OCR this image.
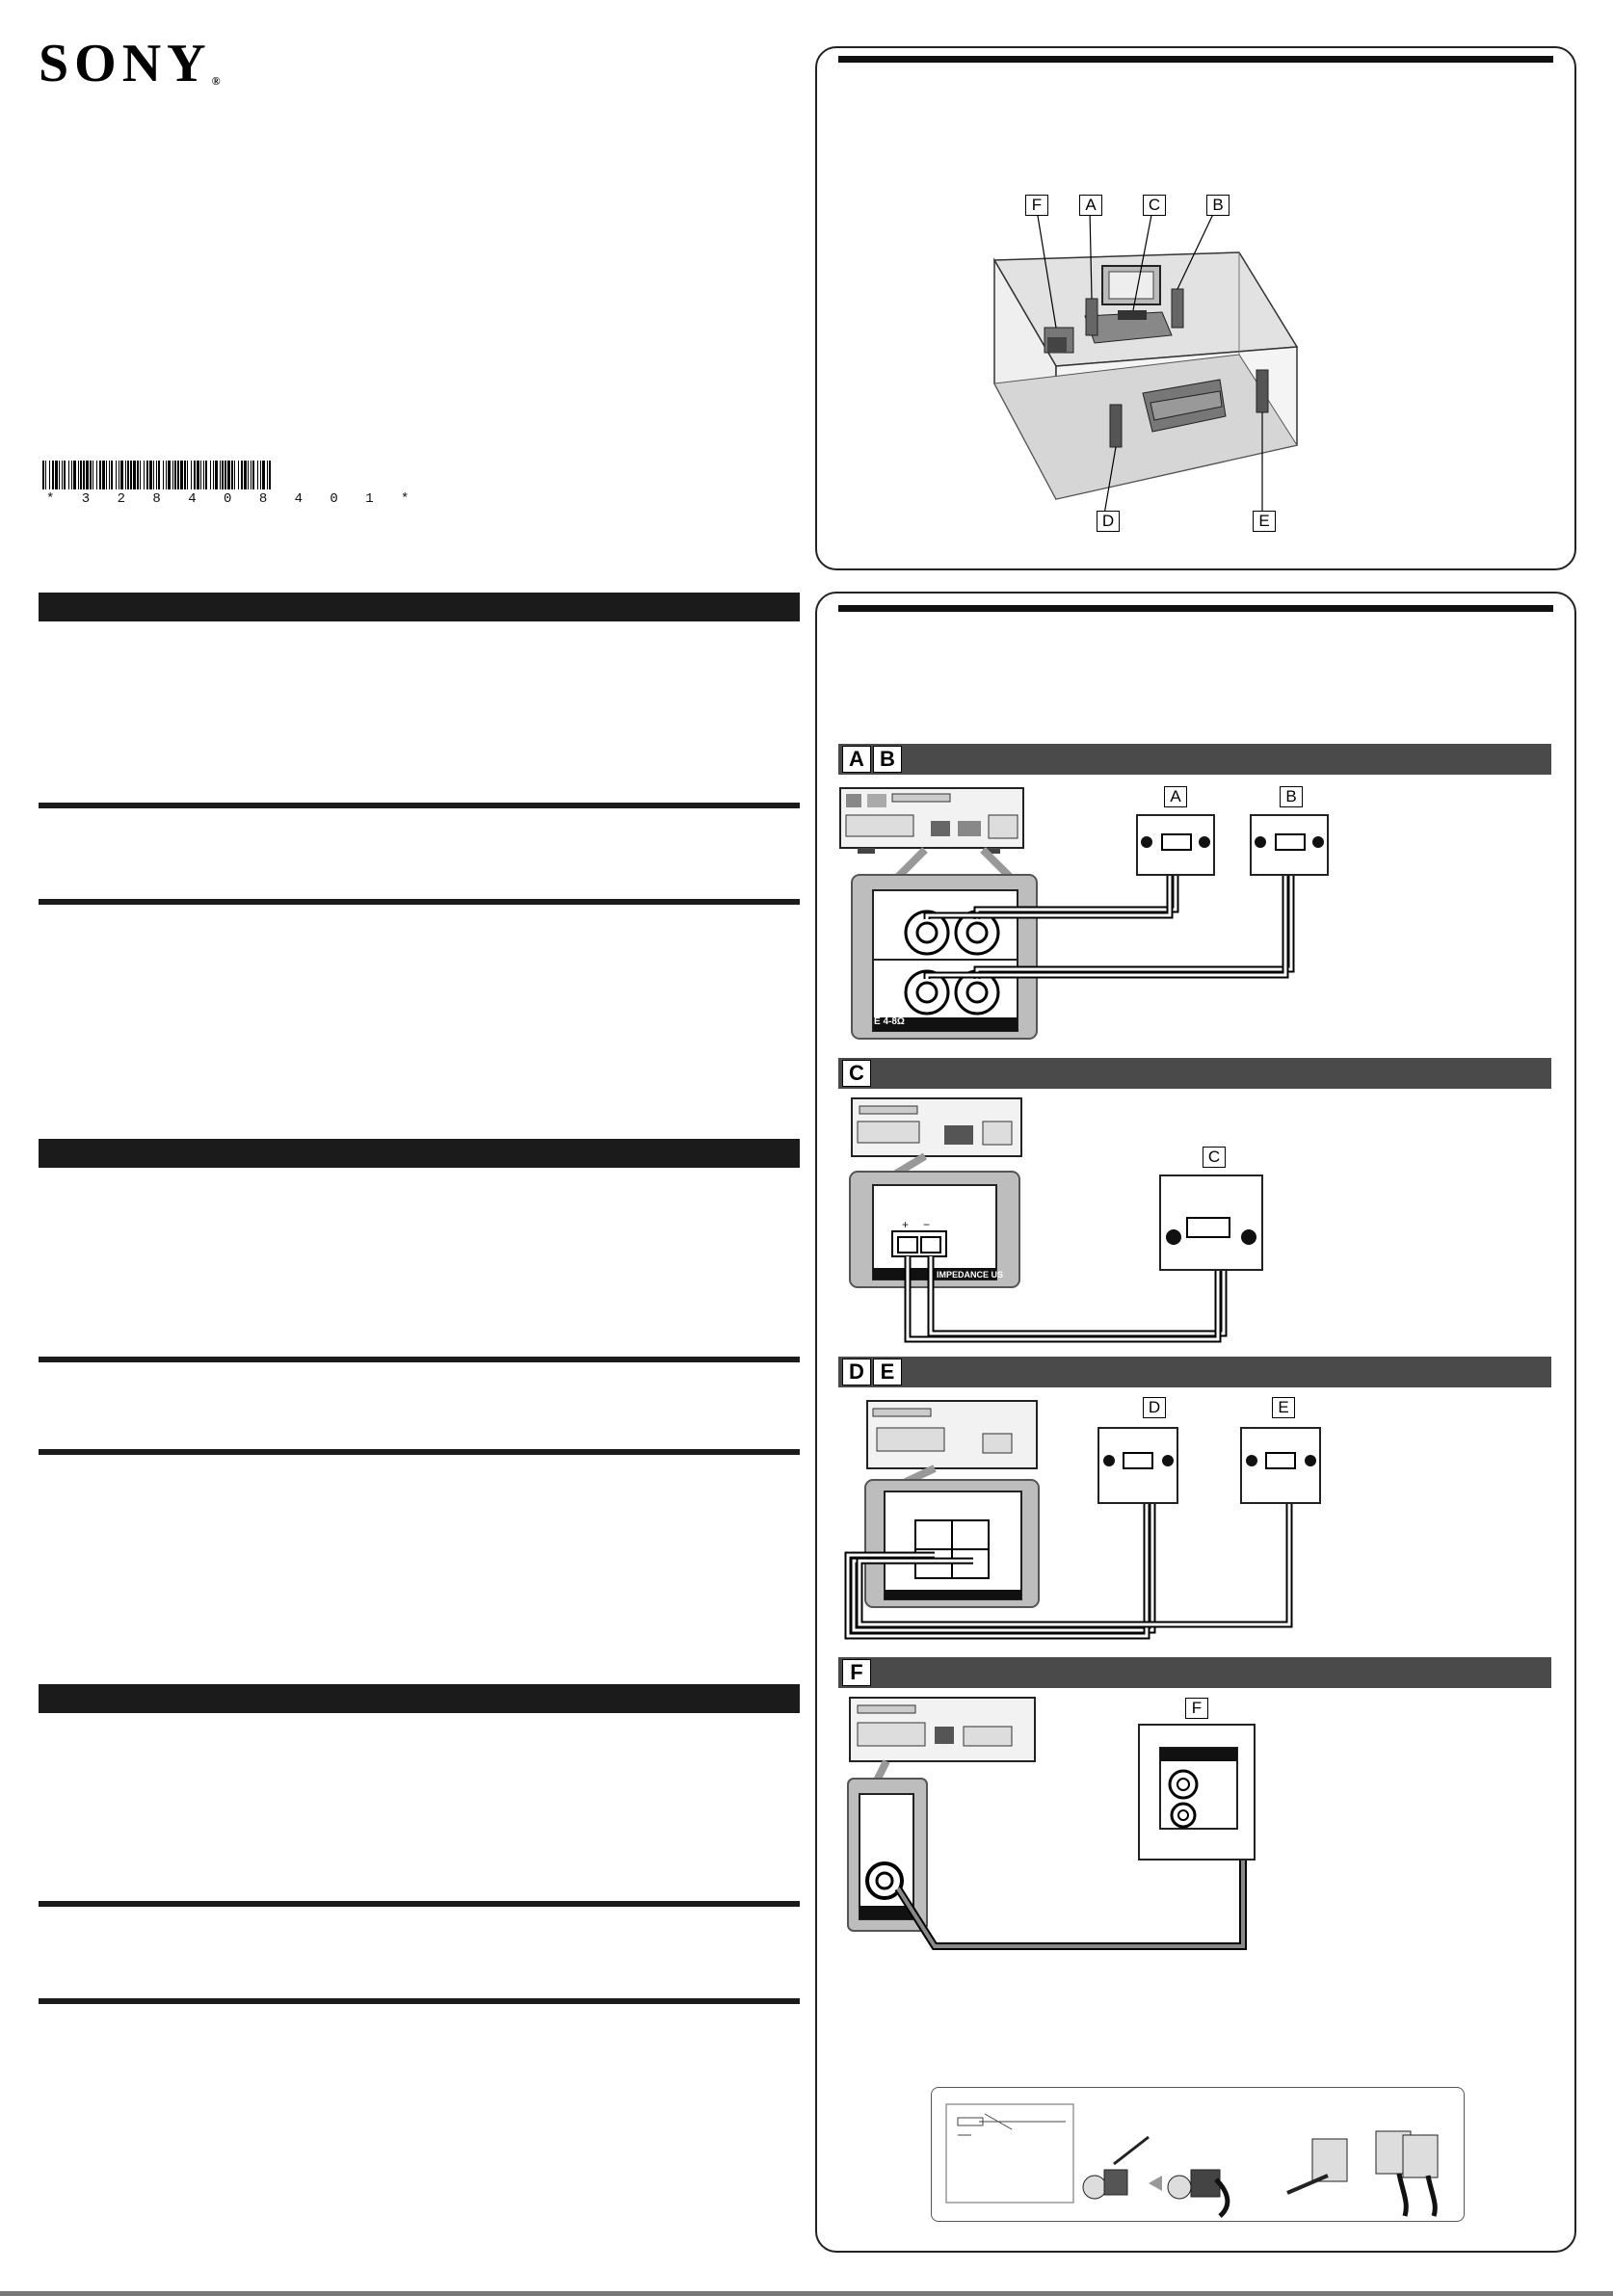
SONY®
* 3 2 8 4 0 8 4 0 1 *
F	A	C	B
D	E
A B
C
D E
F
E 4-8Ω
A	B
+ −
IMPEDANCE US
C
D	E
F
